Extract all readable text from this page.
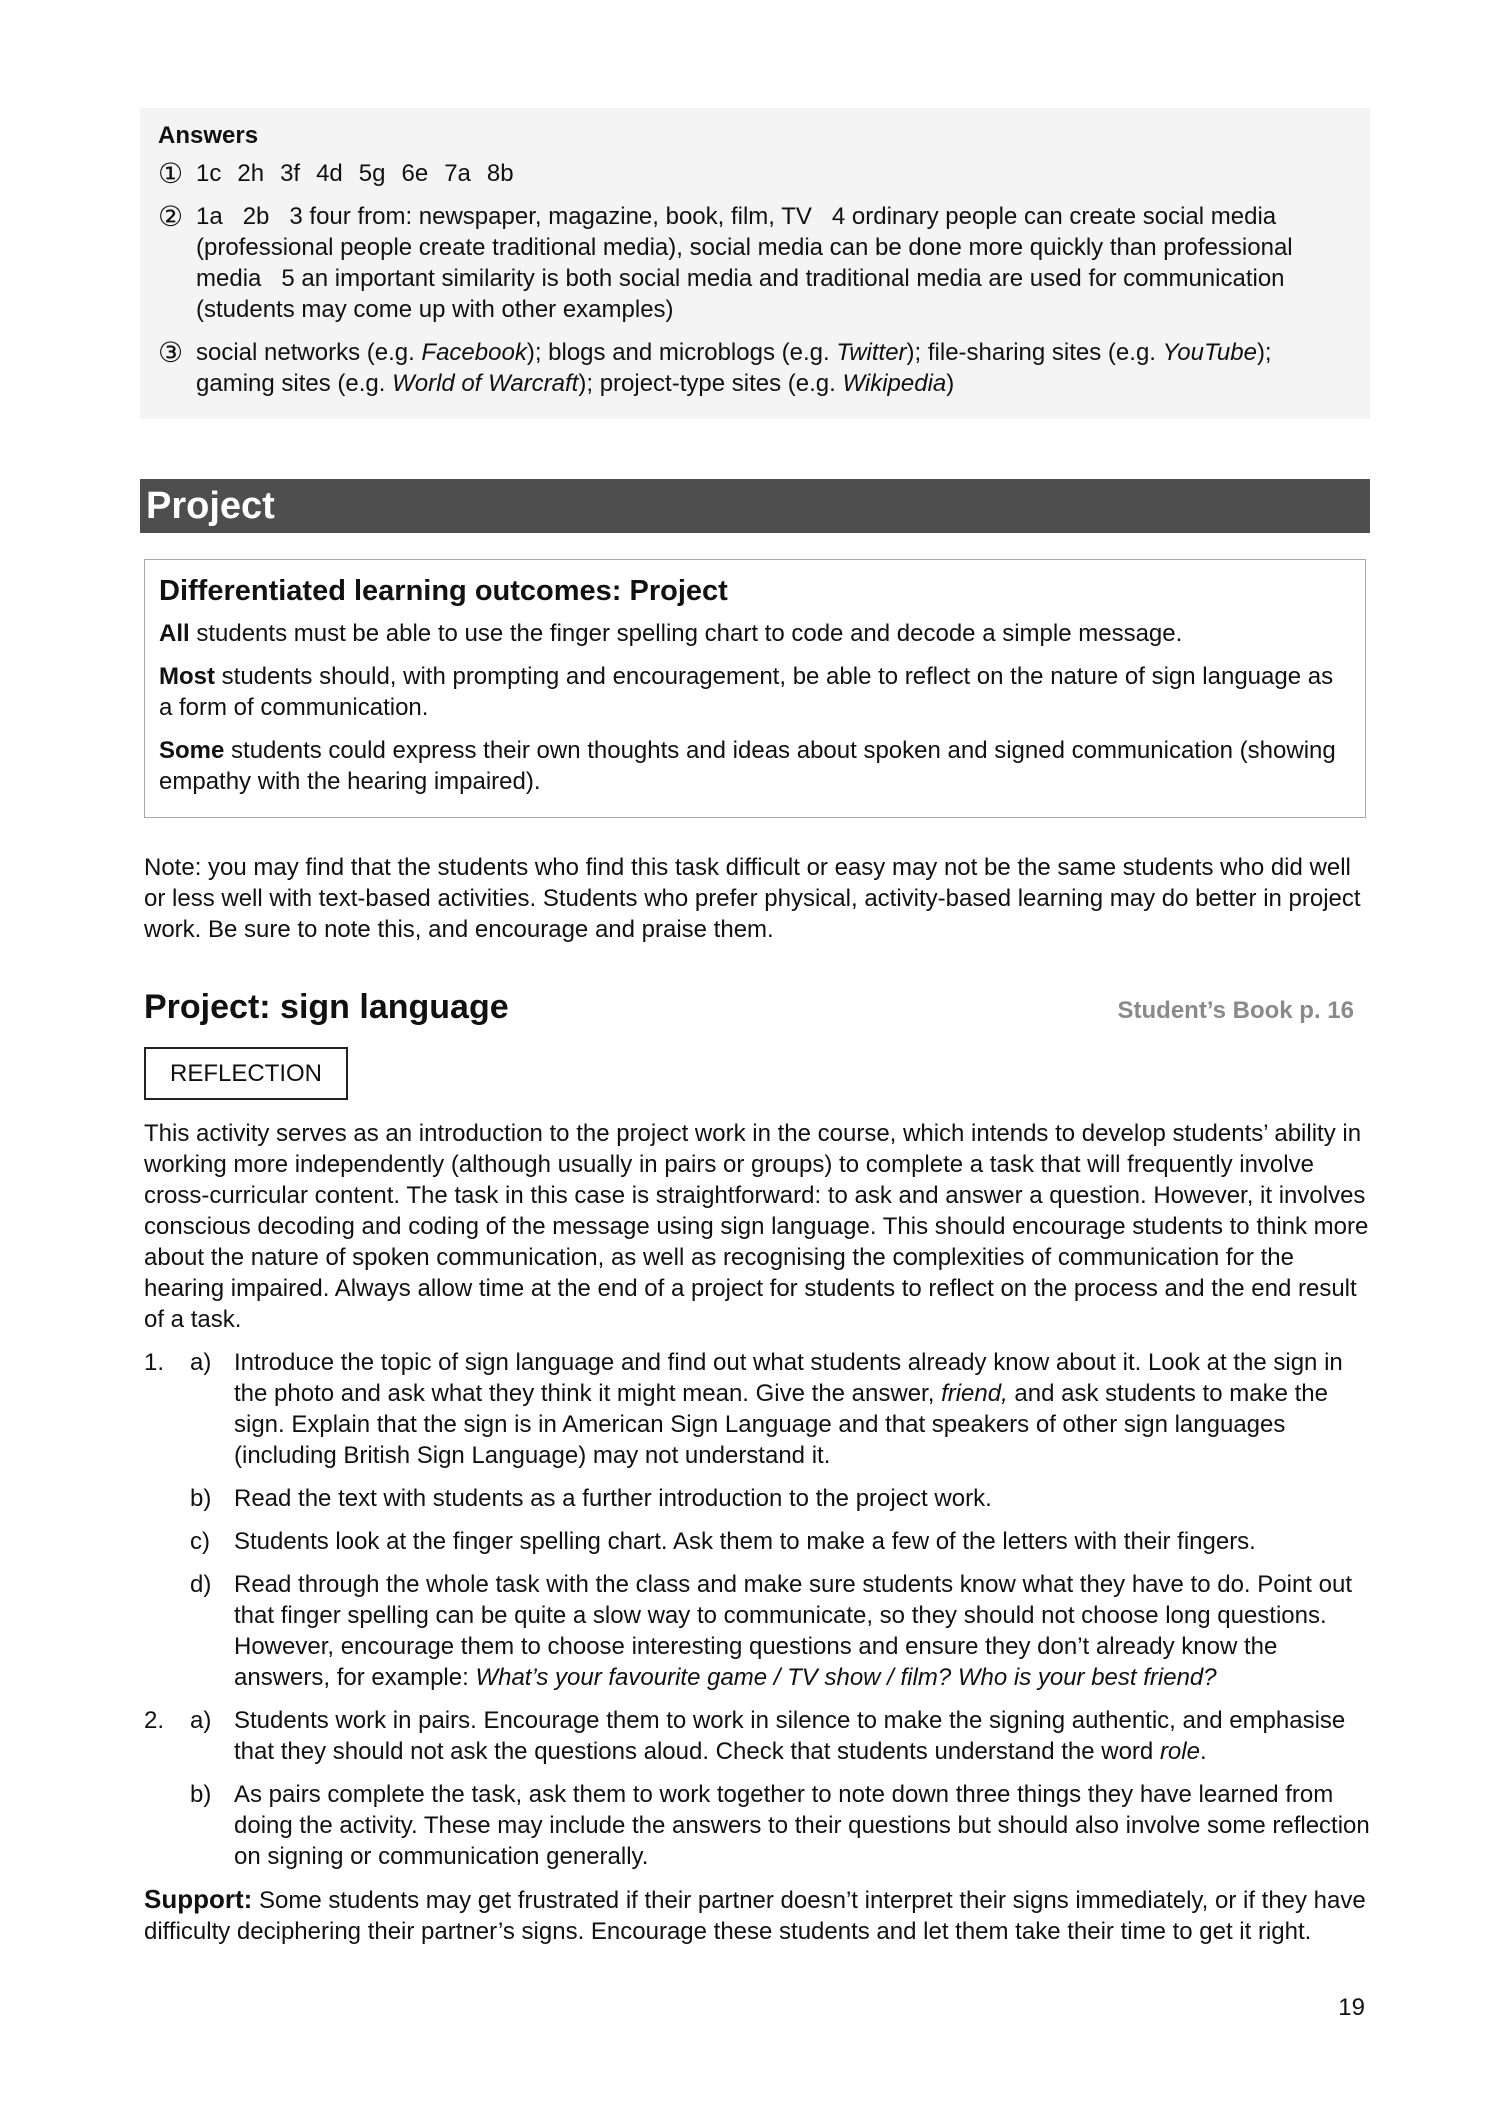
Answers
① 1c 2h 3f 4d 5g 6e 7a 8b
② 1a   2b   3 four from: newspaper, magazine, book, film, TV   4 ordinary people can create social media (professional people create traditional media), social media can be done more quickly than professional media   5 an important similarity is both social media and traditional media are used for communication (students may come up with other examples)
③ social networks (e.g. Facebook); blogs and microblogs (e.g. Twitter); file-sharing sites (e.g. YouTube); gaming sites (e.g. World of Warcraft); project-type sites (e.g. Wikipedia)
Project
Differentiated learning outcomes: Project
All students must be able to use the finger spelling chart to code and decode a simple message.
Most students should, with prompting and encouragement, be able to reflect on the nature of sign language as a form of communication.
Some students could express their own thoughts and ideas about spoken and signed communication (showing empathy with the hearing impaired).
Note: you may find that the students who find this task difficult or easy may not be the same students who did well or less well with text-based activities. Students who prefer physical, activity-based learning may do better in project work. Be sure to note this, and encourage and praise them.
Project: sign language	Student’s Book p. 16
REFLECTION
This activity serves as an introduction to the project work in the course, which intends to develop students’ ability in working more independently (although usually in pairs or groups) to complete a task that will frequently involve cross-curricular content. The task in this case is straightforward: to ask and answer a question. However, it involves conscious decoding and coding of the message using sign language. This should encourage students to think more about the nature of spoken communication, as well as recognising the complexities of communication for the hearing impaired. Always allow time at the end of a project for students to reflect on the process and the end result of a task.
1.	a) Introduce the topic of sign language and find out what students already know about it. Look at the sign in the photo and ask what they think it might mean. Give the answer, friend, and ask students to make the sign. Explain that the sign is in American Sign Language and that speakers of other sign languages (including British Sign Language) may not understand it.
b) Read the text with students as a further introduction to the project work.
c)	Students look at the finger spelling chart. Ask them to make a few of the letters with their fingers.
d) Read through the whole task with the class and make sure students know what they have to do. Point out that finger spelling can be quite a slow way to communicate, so they should not choose long questions. However, encourage them to choose interesting questions and ensure they don’t already know the answers, for example: What’s your favourite game / TV show / film? Who is your best friend?
2.	a) Students work in pairs. Encourage them to work in silence to make the signing authentic, and emphasise that they should not ask the questions aloud. Check that students understand the word role.
b) As pairs complete the task, ask them to work together to note down three things they have learned from doing the activity. These may include the answers to their questions but should also involve some reflection on signing or communication generally.
Support: Some students may get frustrated if their partner doesn’t interpret their signs immediately, or if they have difficulty deciphering their partner’s signs. Encourage these students and let them take their time to get it right.
19
